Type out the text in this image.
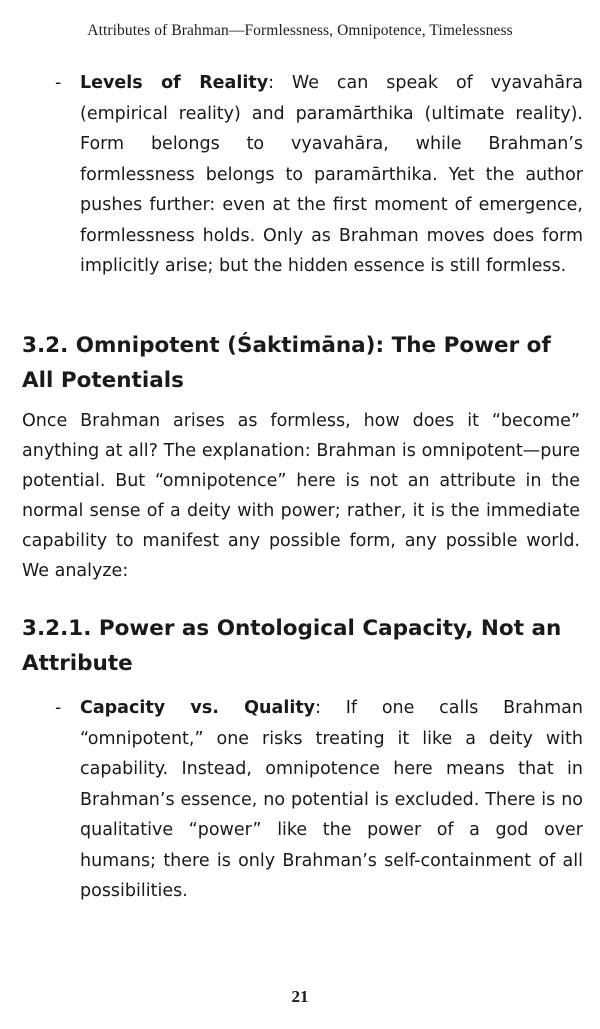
Attributes of Brahman—Formlessness, Omnipotence, Timelessness
-	Levels of Reality: We can speak of vyavahāra (empirical reality) and paramārthika (ultimate reality). Form belongs to vyavahāra, while Brahman’s formlessness belongs to paramārthika. Yet the author pushes further: even at the first moment of emergence, formlessness holds. Only as Brahman moves does form implicitly arise; but the hidden essence is still formless.
3.2. Omnipotent (Śaktimāna): The Power of All Potentials
Once Brahman arises as formless, how does it “become” anything at all? The explanation: Brahman is omnipotent—pure potential. But “omnipotence” here is not an attribute in the normal sense of a deity with power; rather, it is the immediate capability to manifest any possible form, any possible world. We analyze:
3.2.1. Power as Ontological Capacity, Not an Attribute
-	Capacity vs. Quality: If one calls Brahman “omnipotent,” one risks treating it like a deity with capability. Instead, omnipotence here means that in Brahman’s essence, no potential is excluded. There is no qualitative “power” like the power of a god over humans; there is only Brahman’s self-containment of all possibilities.
21
